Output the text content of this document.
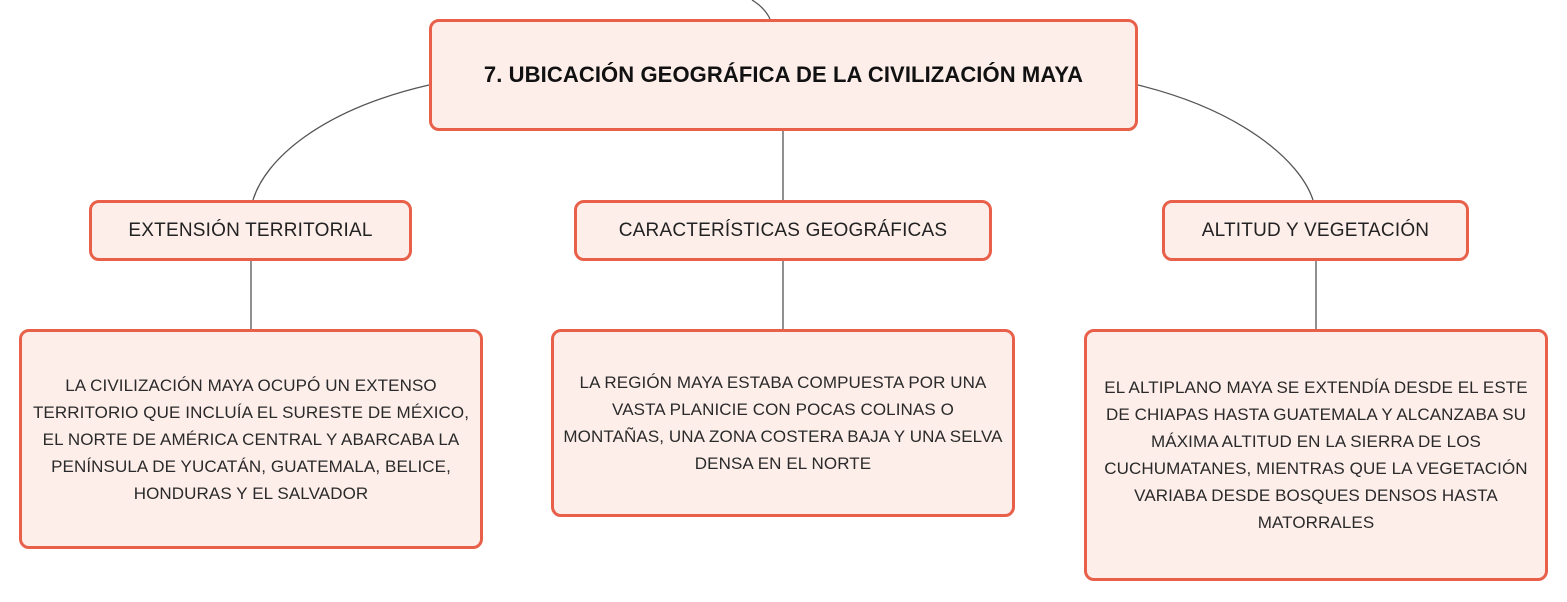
7. UBICACIÓN GEOGRÁFICA DE LA CIVILIZACIÓN MAYA
EXTENSIÓN TERRITORIAL	CARACTERÍSTICAS GEOGRÁFICAS	ALTITUD Y VEGETACIÓN
LA CIVILIZACIÓN MAYA OCUPÓ UN EXTENSO TERRITORIO QUE INCLUÍA EL SURESTE DE MÉXICO, EL NORTE DE AMÉRICA CENTRAL Y ABARCABA LA PENÍNSULA DE YUCATÁN, GUATEMALA, BELICE, HONDURAS Y EL SALVADOR
LA REGIÓN MAYA ESTABA COMPUESTA POR UNA VASTA PLANICIE CON POCAS COLINAS O MONTAÑAS, UNA ZONA COSTERA BAJA Y UNA SELVA DENSA EN EL NORTE
EL ALTIPLANO MAYA SE EXTENDÍA DESDE EL ESTE DE CHIAPAS HASTA GUATEMALA Y ALCANZABA SU MÁXIMA ALTITUD EN LA SIERRA DE LOS CUCHUMATANES, MIENTRAS QUE LA VEGETACIÓN VARIABA DESDE BOSQUES DENSOS HASTA MATORRALES
